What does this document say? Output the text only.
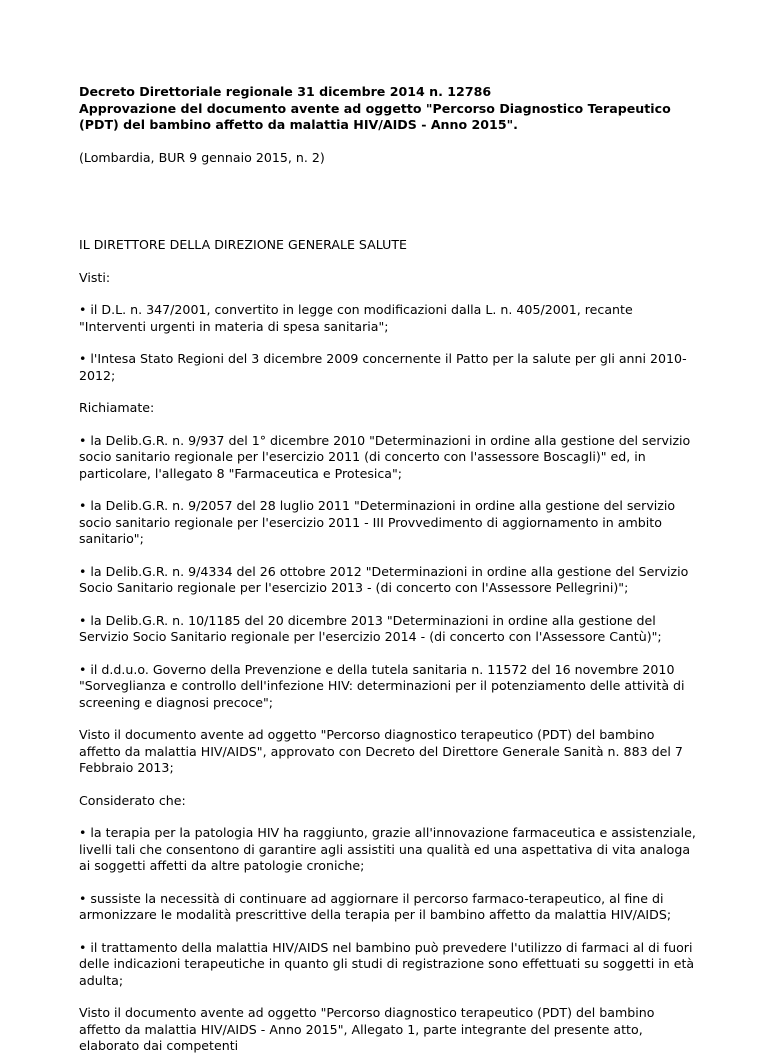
Decreto Direttoriale regionale 31 dicembre 2014 n. 12786

Approvazione del documento avente ad oggetto "Percorso Diagnostico Terapeutico (PDT) del bambino affetto da malattia HIV/AIDS - Anno 2015".

(Lombardia, BUR 9 gennaio 2015, n. 2)

IL DIRETTORE DELLA DIREZIONE GENERALE SALUTE

Visti:

• il D.L. n. 347/2001, convertito in legge con modificazioni dalla L. n. 405/2001, recante "Interventi urgenti in materia di spesa sanitaria";

• l'Intesa Stato Regioni del 3 dicembre 2009 concernente il Patto per la salute per gli anni 2010-2012;

Richiamate:

• la Delib.G.R. n. 9/937 del 1° dicembre 2010 "Determinazioni in ordine alla gestione del servizio socio sanitario regionale per l'esercizio 2011 (di concerto con l'assessore Boscagli)" ed, in particolare, l'allegato 8 "Farmaceutica e Protesica";

• la Delib.G.R. n. 9/2057 del 28 luglio 2011 "Determinazioni in ordine alla gestione del servizio socio sanitario regionale per l'esercizio 2011 - III Provvedimento di aggiornamento in ambito sanitario";

• la Delib.G.R. n. 9/4334 del 26 ottobre 2012 "Determinazioni in ordine alla gestione del Servizio Socio Sanitario regionale per l'esercizio 2013 - (di concerto con l'Assessore Pellegrini)";

• la Delib.G.R. n. 10/1185 del 20 dicembre 2013 "Determinazioni in ordine alla gestione del Servizio Socio Sanitario regionale per l'esercizio 2014 - (di concerto con l'Assessore Cantù)";

• il d.d.u.o. Governo della Prevenzione e della tutela sanitaria n. 11572 del 16 novembre 2010 "Sorveglianza e controllo dell'infezione HIV: determinazioni per il potenziamento delle attività di screening e diagnosi precoce";

Visto il documento avente ad oggetto "Percorso diagnostico terapeutico (PDT) del bambino affetto da malattia HIV/AIDS", approvato con Decreto del Direttore Generale Sanità n. 883 del 7 Febbraio 2013;

Considerato che:

• la terapia per la patologia HIV ha raggiunto, grazie all'innovazione farmaceutica e assistenziale, livelli tali che consentono di garantire agli assistiti una qualità ed una aspettativa di vita analoga ai soggetti affetti da altre patologie croniche;

• sussiste la necessità di continuare ad aggiornare il percorso farmaco-terapeutico, al fine di armonizzare le modalità prescrittive della terapia per il bambino affetto da malattia HIV/AIDS;

• il trattamento della malattia HIV/AIDS nel bambino può prevedere l'utilizzo di farmaci al di fuori delle indicazioni terapeutiche in quanto gli studi di registrazione sono effettuati su soggetti in età adulta;

Visto il documento avente ad oggetto "Percorso diagnostico terapeutico (PDT) del bambino affetto da malattia HIV/AIDS - Anno 2015", Allegato 1, parte integrante del presente atto, elaborato dai competenti
